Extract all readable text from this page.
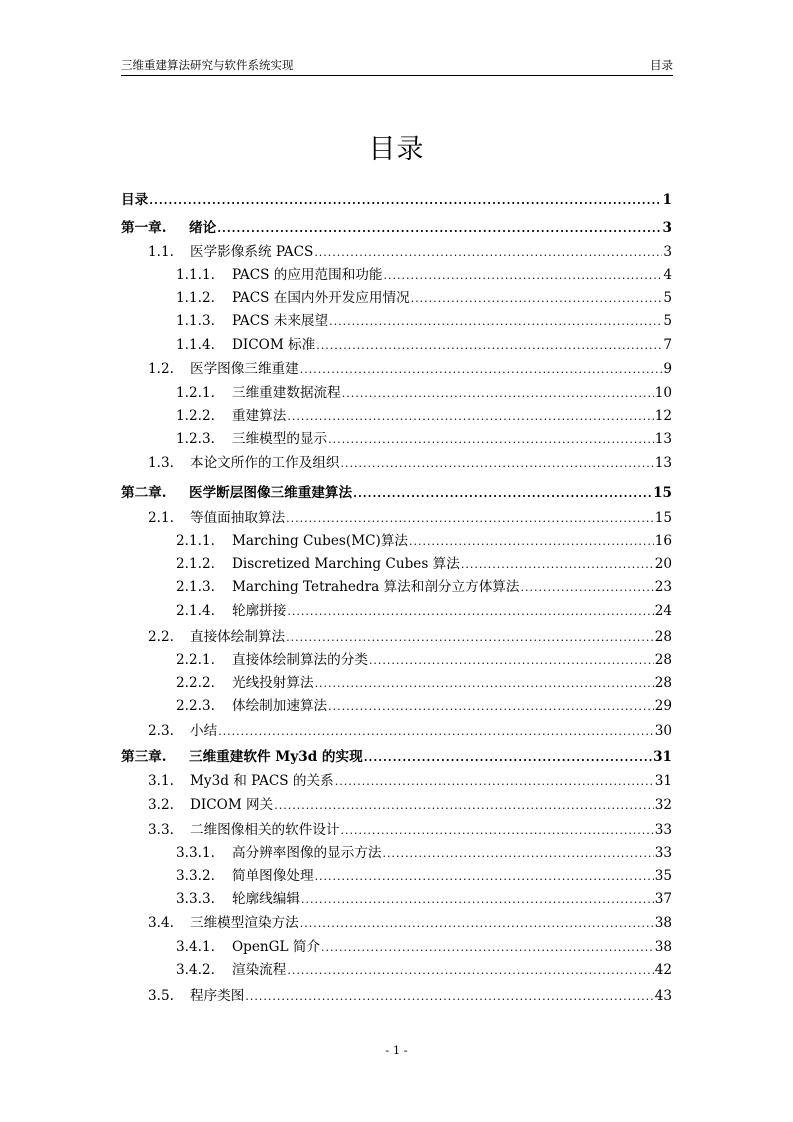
三维重建算法研究与软件系统实现	目录
目录
目录 .....	1
第一章.	绪论 .....	3
1.1.	医学影像系统 PACS .....	3
1.1.1.	PACS 的应用范围和功能 .....	4
1.1.2.	PACS 在国内外开发应用情况 .....	5
1.1.3.	PACS 未来展望 .....	5
1.1.4.	DICOM 标准 .....	7
1.2.	医学图像三维重建 .....	9
1.2.1.	三维重建数据流程 .....	10
1.2.2.	重建算法 .....	12
1.2.3.	三维模型的显示 .....	13
1.3.	本论文所作的工作及组织 .....	13
第二章.	医学断层图像三维重建算法 .....	15
2.1.	等值面抽取算法 .....	15
2.1.1.	Marching Cubes(MC)算法 .....	16
2.1.2.	Discretized Marching Cubes 算法 .....	20
2.1.3.	Marching Tetrahedra 算法和剖分立方体算法 .....	23
2.1.4.	轮廓拼接 .....	24
2.2.	直接体绘制算法 .....	28
2.2.1.	直接体绘制算法的分类 .....	28
2.2.2.	光线投射算法 .....	28
2.2.3.	体绘制加速算法 .....	29
2.3.	小结 .....	30
第三章.	三维重建软件 My3d 的实现 .....	31
3.1.	My3d 和 PACS 的关系 .....	31
3.2.	DICOM 网关 .....	32
3.3.	二维图像相关的软件设计 .....	33
3.3.1.	高分辨率图像的显示方法 .....	33
3.3.2.	简单图像处理 .....	35
3.3.3.	轮廓线编辑 .....	37
3.4.	三维模型渲染方法 .....	38
3.4.1.	OpenGL 简介 .....	38
3.4.2.	渲染流程 .....	42
3.5.	程序类图 .....	43
- 1 -
